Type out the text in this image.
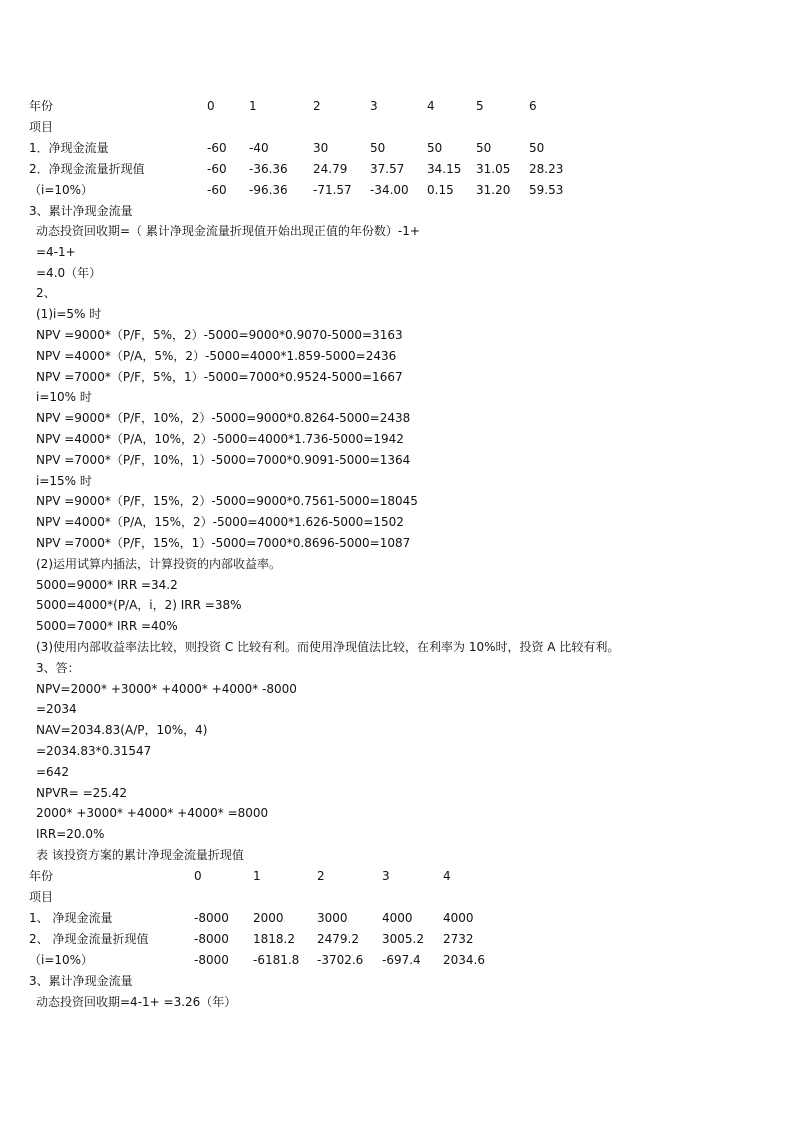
年份	0	1	2	3	4	5	6
项目
1．净现金流量	-60 -40	30	50	50	50	50
2．净现金流量折现值	-60 -36.36 24.79 37.57 34.15 31.05 28.23
（i=10%）	-60 -96.36 -71.57 -34.00 0.15 31.20 59.53
3、累计净现金流量
动态投资回收期=（ 累计净现金流量折现值开始出现正值的年份数）-1+
=4-1+
=4.0（年）
2、
(1)i=5% 时
NPV =9000*（P/F，5%，2）-5000=9000*0.9070-5000=3163
NPV =4000*（P/A，5%，2）-5000=4000*1.859-5000=2436
NPV =7000*（P/F，5%，1）-5000=7000*0.9524-5000=1667
i=10% 时
NPV =9000*（P/F，10%，2）-5000=9000*0.8264-5000=2438
NPV =4000*（P/A，10%，2）-5000=4000*1.736-5000=1942
NPV =7000*（P/F，10%，1）-5000=7000*0.9091-5000=1364
i=15% 时
NPV =9000*（P/F，15%，2）-5000=9000*0.7561-5000=18045
NPV =4000*（P/A，15%，2）-5000=4000*1.626-5000=1502
NPV =7000*（P/F，15%，1）-5000=7000*0.8696-5000=1087
(2)运用试算内插法，计算投资的内部收益率。
5000=9000* IRR =34.2
5000=4000*(P/A，i，2) IRR =38%
5000=7000* IRR =40%
(3)使用内部收益率法比较，则投资 C 比较有利。而使用净现值法比较，在利率为 10%时，投资 A 比较有利。
3、答：
NPV=2000* +3000* +4000* +4000* -8000
=2034
NAV=2034.83(A/P，10%，4)
=2034.83*0.31547
=642
NPVR= =25.42
2000* +3000* +4000* +4000* =8000
IRR=20.0%
表 该投资方案的累计净现金流量折现值
年份	0	1	2	3	4
项目
1、 净现金流量	-8000 2000	3000	4000	4000
2、 净现金流量折现值	-8000 1818.2 2479.2 3005.2 2732
（i=10%）	-8000 -6181.8 -3702.6 -697.4 2034.6
3、累计净现金流量
动态投资回收期=4-1+ =3.26（年）
